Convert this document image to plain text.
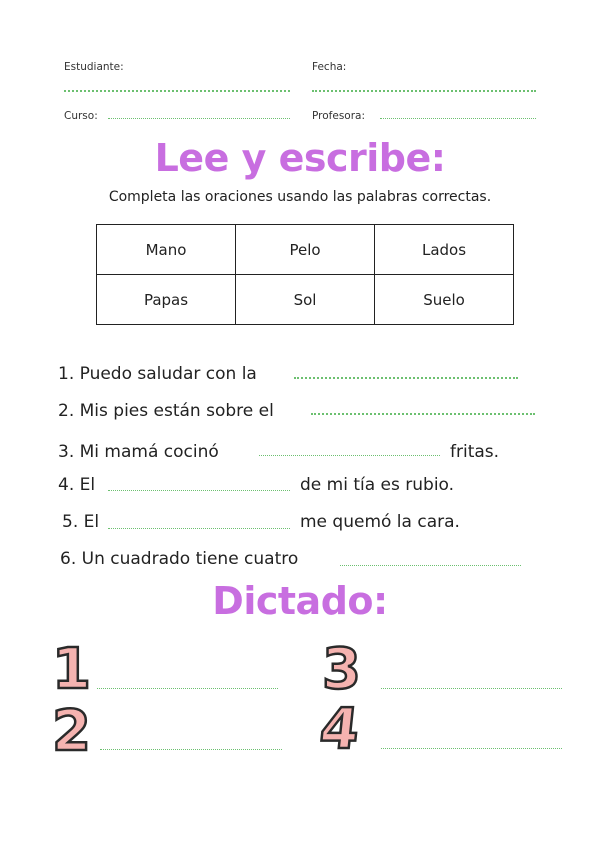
Estudiante:	Fecha:
Curso:	Profesora:
Lee y escribe:
Completa las oraciones usando las palabras correctas.
Mano	Pelo	Lados
Papas	Sol	Suelo
1. Puedo saludar con la
2. Mis pies están sobre el
3. Mi mamá cocinó	fritas.
4. El	de mi tía es rubio.
5. El	me quemó la cara.
6. Un cuadrado tiene cuatro
Dictado:
1	3
2	4
